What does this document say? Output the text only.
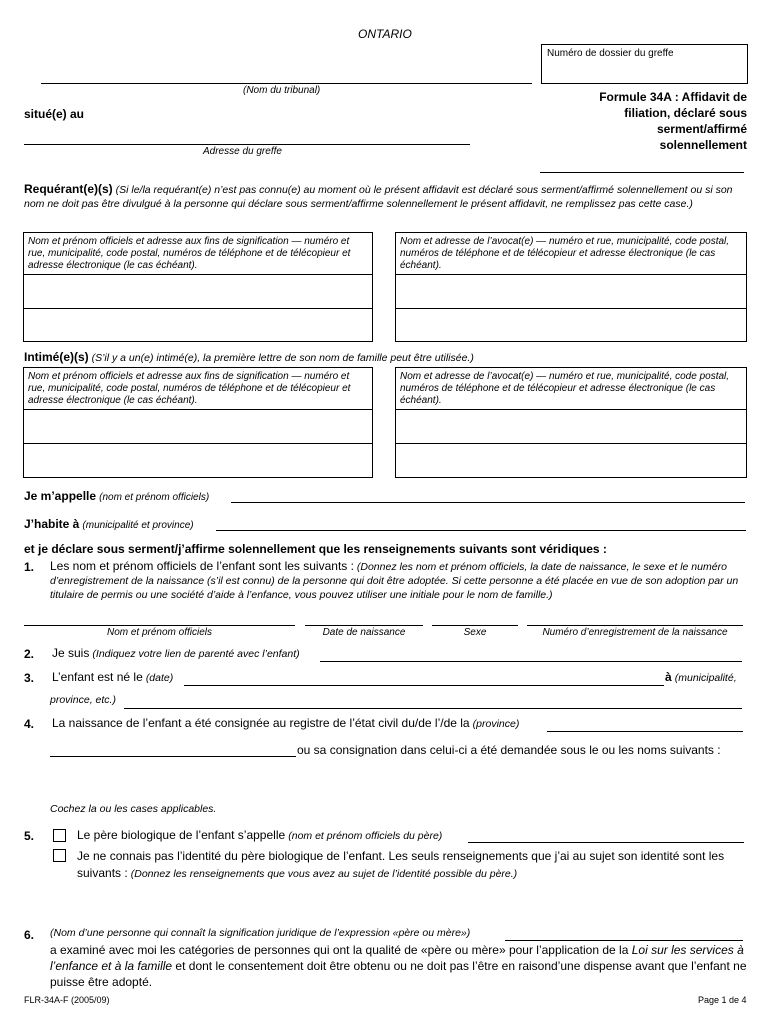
ONTARIO
Numéro de dossier du greffe
(Nom du tribunal)
situé(e) au
Formule 34A : Affidavit de filiation, déclaré sous serment/affirmé solennellement
Adresse du greffe
Requérant(e)(s) (Si le/la requérant(e) n’est pas connu(e) au moment où le présent affidavit est déclaré sous serment/affirmé solennellement ou si son nom ne doit pas être divulgué à la personne qui déclare sous serment/affirme solennellement le présent affidavit, ne remplissez pas cette case.)
Nom et prénom officiels et adresse aux fins de signification — numéro et rue, municipalité, code postal, numéros de téléphone et de télécopieur et adresse électronique (le cas échéant).
Nom et adresse de l’avocat(e) — numéro et rue, municipalité, code postal, numéros de téléphone et de télécopieur et adresse électronique (le cas échéant).
Intimé(e)(s) (S’il y a un(e) intimé(e), la première lettre de son nom de famille peut être utilisée.)
Nom et prénom officiels et adresse aux fins de signification — numéro et rue, municipalité, code postal, numéros de téléphone et de télécopieur et adresse électronique (le cas échéant).
Nom et adresse de l’avocat(e) — numéro et rue, municipalité, code postal, numéros de téléphone et de télécopieur et adresse électronique (le cas échéant).
Je m’appelle (nom et prénom officiels)
J’habite à (municipalité et province)
et je déclare sous serment/j’affirme solennellement que les renseignements suivants sont véridiques :
1. Les nom et prénom officiels de l’enfant sont les suivants : (Donnez les nom et prénom officiels, la date de naissance, le sexe et le numéro d’enregistrement de la naissance (s’il est connu) de la personne qui doit être adoptée. Si cette personne a été placée en vue de son adoption par un titulaire de permis ou une société d’aide à l’enfance, vous pouvez utiliser une initiale pour le nom de famille.)
Nom et prénom officiels	Date de naissance	Sexe	Numéro d’enregistrement de la naissance
2. Je suis (Indiquez votre lien de parenté avec l’enfant)
3. L’enfant est né le (date)	à (municipalité,
province, etc.)
4. La naissance de l’enfant a été consignée au registre de l’état civil du/de l’/de la (province)
ou sa consignation dans celui-ci a été demandée sous le ou les noms suivants :
Cochez la ou les cases applicables.
5.	Le père biologique de l’enfant s’appelle (nom et prénom officiels du père)
Je ne connais pas l’identité du père biologique de l’enfant. Les seuls renseignements que j’ai au sujet son identité sont les suivants : (Donnez les renseignements que vous avez au sujet de l’identité possible du père.)
6. (Nom d’une personne qui connaît la signification juridique de l’expression «père ou mère»)
a examiné avec moi les catégories de personnes qui ont la qualité de «père ou mère» pour l’application de la Loi sur les services à l’enfance et à la famille et dont le consentement doit être obtenu ou ne doit pas l’être en raisond’une dispense avant que l’enfant ne puisse être adopté.
FLR-34A-F (2005/09)	Page 1 de 4
